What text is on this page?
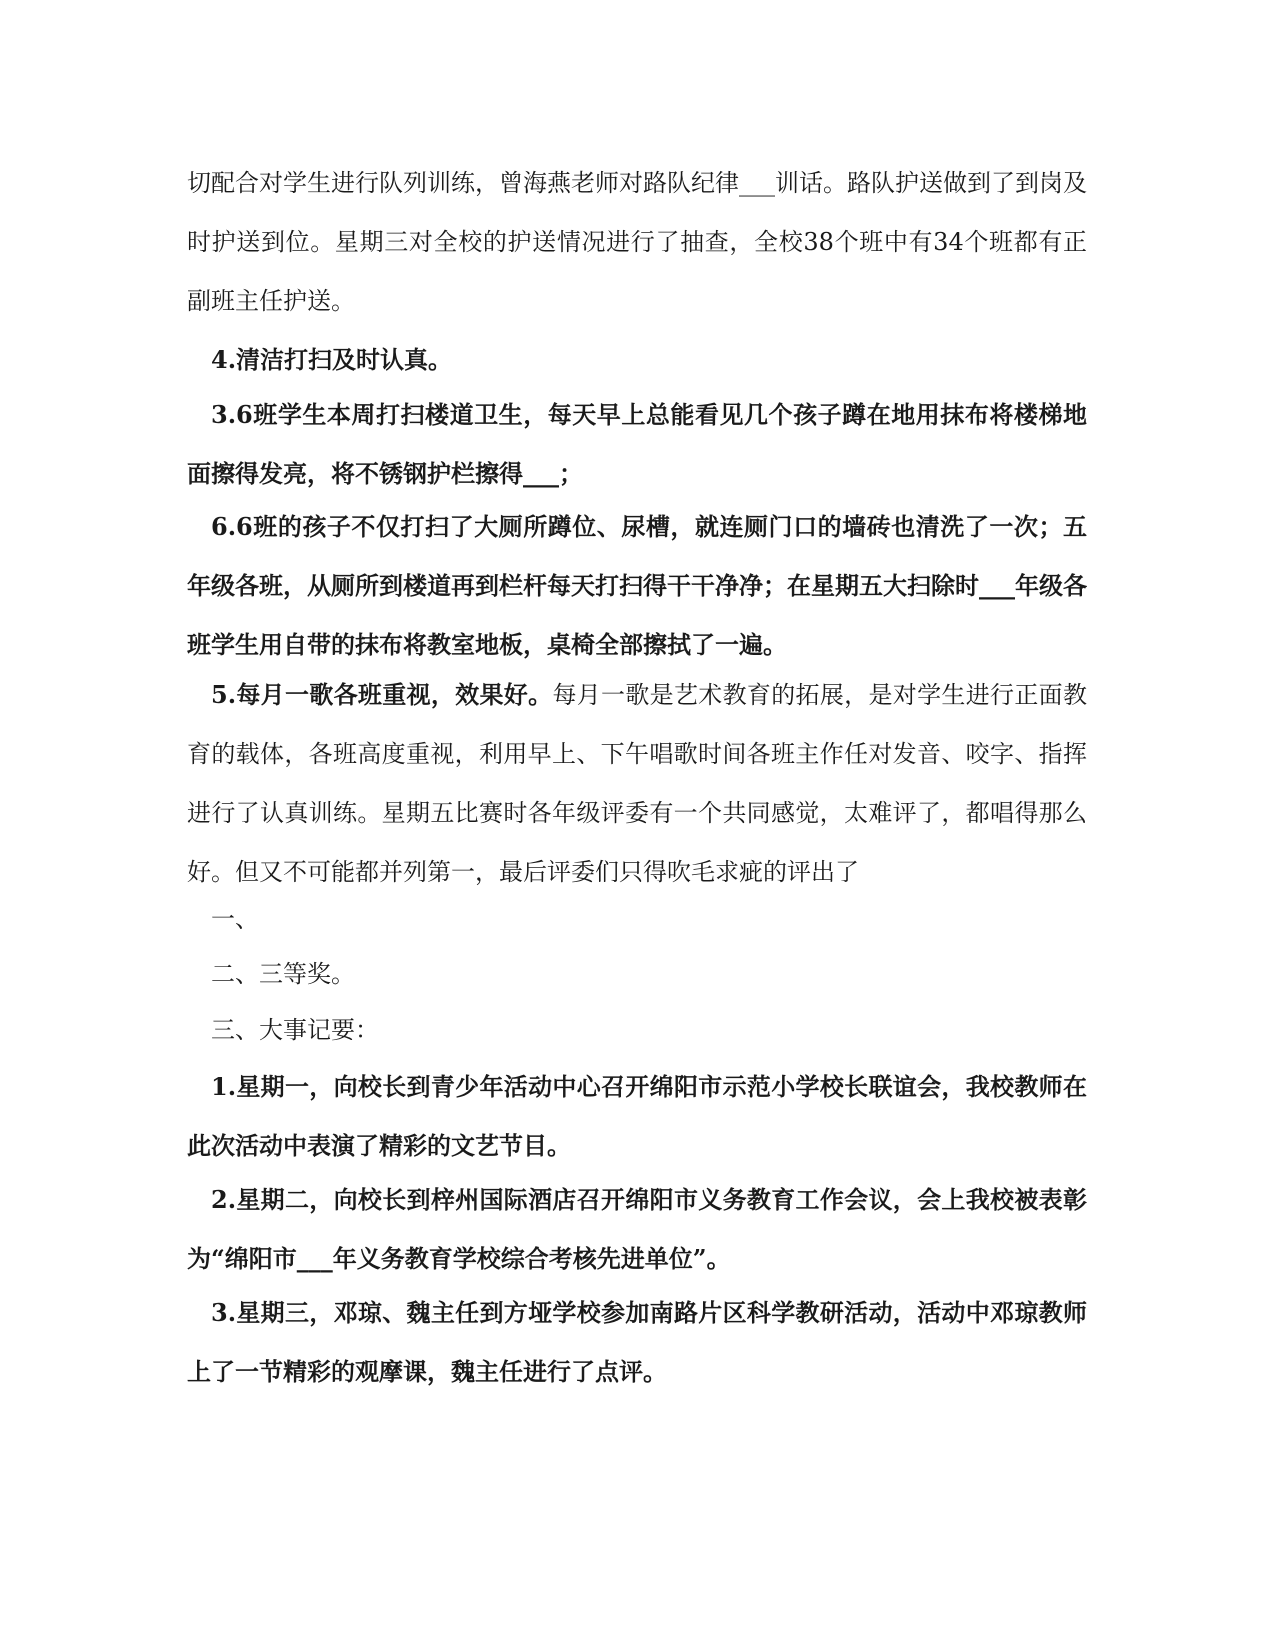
切配合对学生进行队列训练，曾海燕老师对路队纪律___训话。路队护送做到了到岗及时护送到位。星期三对全校的护送情况进行了抽查，全校38个班中有34个班都有正副班主任护送。

4.清洁打扫及时认真。

3.6班学生本周打扫楼道卫生，每天早上总能看见几个孩子蹲在地用抹布将楼梯地面擦得发亮，将不锈钢护栏擦得___；

6.6班的孩子不仅打扫了大厕所蹲位、尿槽，就连厕门口的墙砖也清洗了一次；五年级各班，从厕所到楼道再到栏杆每天打扫得干干净净；在星期五大扫除时___年级各班学生用自带的抹布将教室地板，桌椅全部擦拭了一遍。

5.每月一歌各班重视，效果好。每月一歌是艺术教育的拓展，是对学生进行正面教育的载体，各班高度重视，利用早上、下午唱歌时间各班主作任对发音、咬字、指挥进行了认真训练。星期五比赛时各年级评委有一个共同感觉，太难评了，都唱得那么好。但又不可能都并列第一，最后评委们只得吹毛求疵的评出了

一、

二、三等奖。

三、大事记要：

1.星期一，向校长到青少年活动中心召开绵阳市示范小学校长联谊会，我校教师在此次活动中表演了精彩的文艺节目。

2.星期二，向校长到梓州国际酒店召开绵阳市义务教育工作会议，会上我校被表彰为“绵阳市___年义务教育学校综合考核先进单位”。

3.星期三，邓琼、魏主任到方垭学校参加南路片区科学教研活动，活动中邓琼教师上了一节精彩的观摩课，魏主任进行了点评。
